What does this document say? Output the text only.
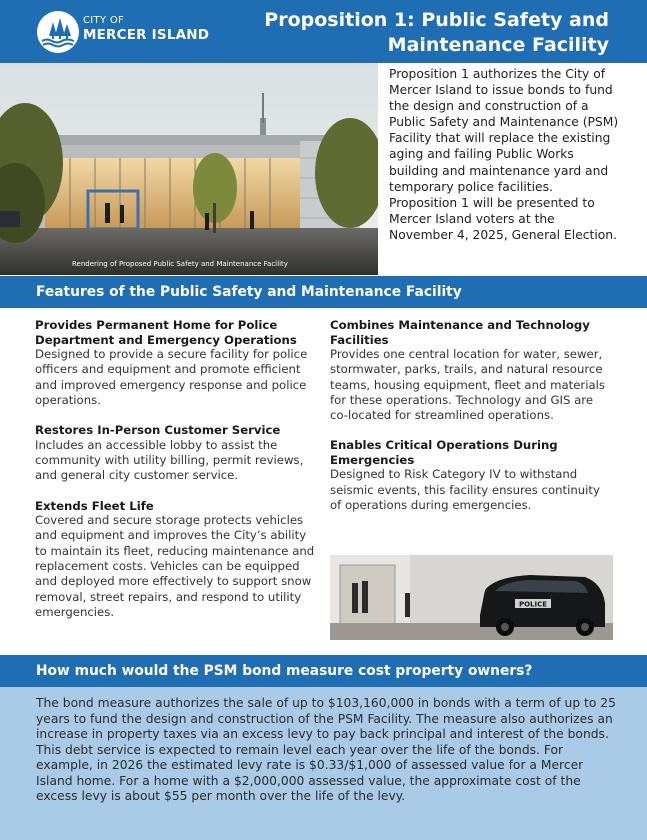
CITY OF
MERCER ISLAND
Proposition 1: Public Safety and Maintenance Facility
Rendering of Proposed Public Safety and Maintenance Facility
Proposition 1 authorizes the City of Mercer Island to issue bonds to fund the design and construction of a Public Safety and Maintenance (PSM) Facility that will replace the existing aging and failing Public Works building and maintenance yard and temporary police facilities. Proposition 1 will be presented to Mercer Island voters at the November 4, 2025, General Election.
Features of the Public Safety and Maintenance Facility
Provides Permanent Home for Police Department and Emergency Operations

Designed to provide a secure facility for police officers and equipment and promote efficient and improved emergency response and police operations.

Restores In-Person Customer Service

Includes an accessible lobby to assist the community with utility billing, permit reviews, and general city customer service.

Extends Fleet Life

Covered and secure storage protects vehicles and equipment and improves the City’s ability to maintain its fleet, reducing maintenance and replacement costs. Vehicles can be equipped and deployed more effectively to support snow removal, street repairs, and respond to utility emergencies.

Combines Maintenance and Technology Facilities

Provides one central location for water, sewer, stormwater, parks, trails, and natural resource teams, housing equipment, fleet and materials for these operations. Technology and GIS are co-located for streamlined operations.

Enables Critical Operations During Emergencies

Designed to Risk Category IV to withstand seismic events, this facility ensures continuity of operations during emergencies.

POLICE
How much would the PSM bond measure cost property owners?
The bond measure authorizes the sale of up to $103,160,000 in bonds with a term of up to 25 years to fund the design and construction of the PSM Facility. The measure also authorizes an increase in property taxes via an excess levy to pay back principal and interest of the bonds. This debt service is expected to remain level each year over the life of the bonds. For example, in 2026 the estimated levy rate is $0.33/$1,000 of assessed value for a Mercer Island home. For a home with a $2,000,000 assessed value, the approximate cost of the excess levy is about $55 per month over the life of the levy.
